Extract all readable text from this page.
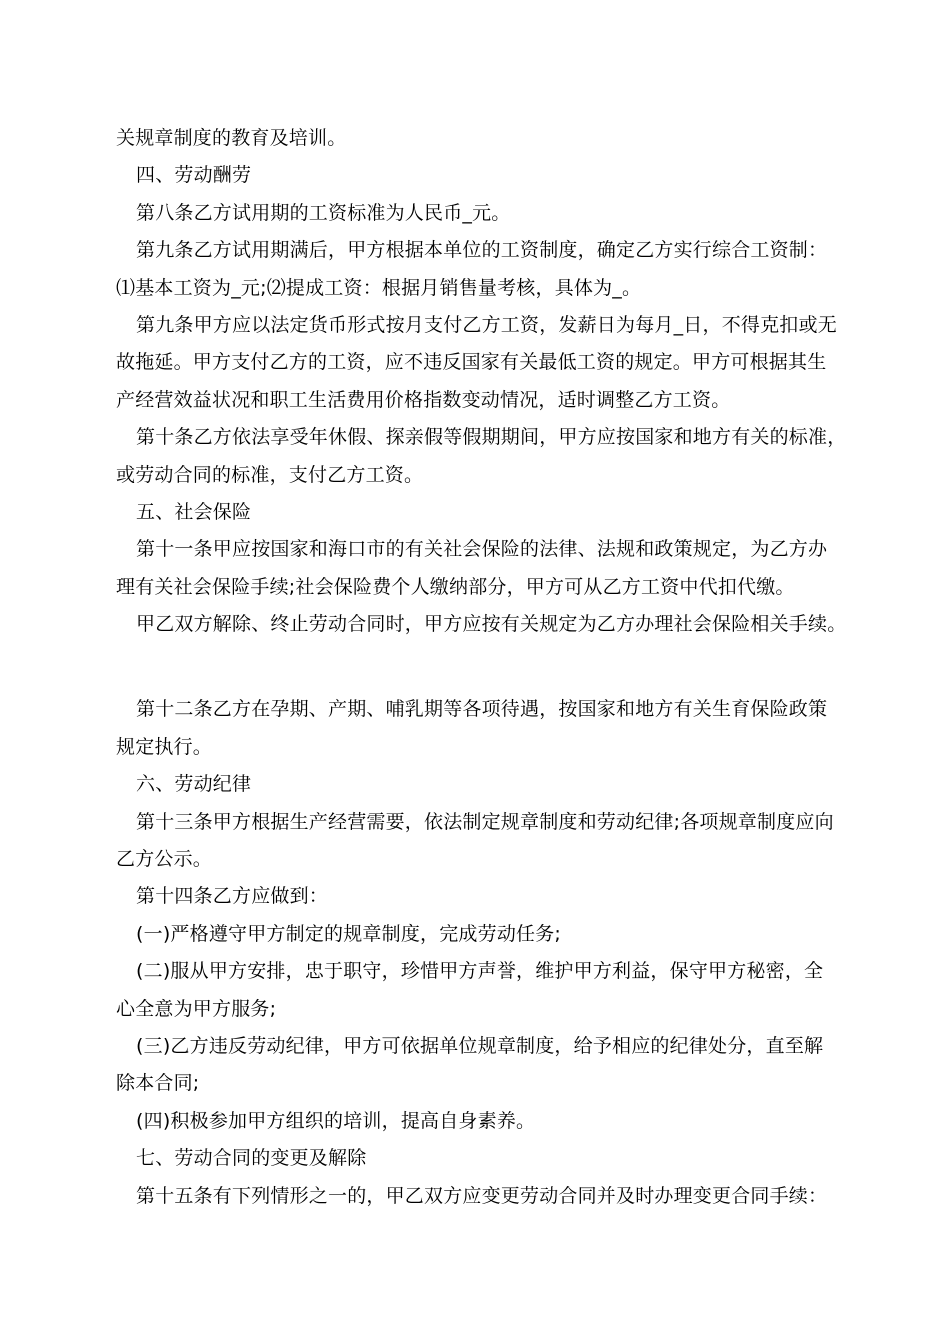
关规章制度的教育及培训。
四、劳动酬劳
第八条乙方试用期的工资标准为人民币_元。
第九条乙方试用期满后，甲方根据本单位的工资制度，确定乙方实行综合工资制：
⑴基本工资为_元;⑵提成工资：根据月销售量考核，具体为_。
第九条甲方应以法定货币形式按月支付乙方工资，发薪日为每月_日，不得克扣或无
故拖延。甲方支付乙方的工资，应不违反国家有关最低工资的规定。甲方可根据其生
产经营效益状况和职工生活费用价格指数变动情况，适时调整乙方工资。
第十条乙方依法享受年休假、探亲假等假期期间，甲方应按国家和地方有关的标准，
或劳动合同的标准，支付乙方工资。
五、社会保险
第十一条甲应按国家和海口市的有关社会保险的法律、法规和政策规定，为乙方办
理有关社会保险手续;社会保险费个人缴纳部分，甲方可从乙方工资中代扣代缴。
甲乙双方解除、终止劳动合同时，甲方应按有关规定为乙方办理社会保险相关手续。
第十二条乙方在孕期、产期、哺乳期等各项待遇，按国家和地方有关生育保险政策
规定执行。
六、劳动纪律
第十三条甲方根据生产经营需要，依法制定规章制度和劳动纪律;各项规章制度应向
乙方公示。
第十四条乙方应做到：
(一)严格遵守甲方制定的规章制度，完成劳动任务;
(二)服从甲方安排，忠于职守，珍惜甲方声誉，维护甲方利益，保守甲方秘密，全
心全意为甲方服务;
(三)乙方违反劳动纪律，甲方可依据单位规章制度，给予相应的纪律处分，直至解
除本合同;
(四)积极参加甲方组织的培训，提高自身素养。
七、劳动合同的变更及解除
第十五条有下列情形之一的，甲乙双方应变更劳动合同并及时办理变更合同手续：
